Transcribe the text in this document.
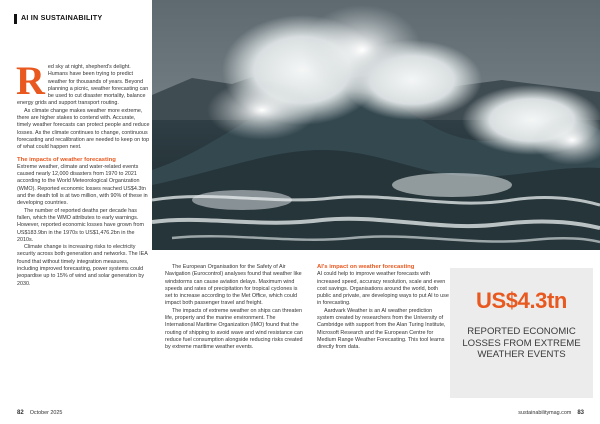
AI IN SUSTAINABILITY
R ed sky at night, shepherd's delight. Humans have been trying to predict weather for thousands of years. Beyond planning a picnic, weather forecasting can be used to cut disaster mortality, balance energy grids and support transport routing.

As climate change makes weather more extreme, there are higher stakes to contend with. Accurate, timely weather forecasts can protect people and reduce losses. As the climate continues to change, continuous forecasting and recalibration are needed to keep on top of what could happen next.

The impacts of weather forecasting

Extreme weather, climate and water-related events caused nearly 12,000 disasters from 1970 to 2021 according to the World Meteorological Organization (WMO). Reported economic losses reached US$4.3tn and the death toll is at two million, with 90% of these in developing countries.

The number of reported deaths per decade has fallen, which the WMO attributes to early warnings. However, reported economic losses have grown from US$183.9bn in the 1970s to US$1,476.2bn in the 2010s.

Climate change is increasing risks to electricity security across both generation and networks. The IEA found that without timely integration measures, including improved forecasting, power systems could jeopardise up to 15% of wind and solar generation by 2030.

The European Organisation for the Safety of Air Navigation (Eurocontrol) analyses found that weather like windstorms can cause aviation delays. Maximum wind speeds and rates of precipitation for tropical cyclones is set to increase according to the Met Office, which could impact both passenger travel and freight.

The impacts of extreme weather on ships can threaten life, property and the marine environment. The International Maritime Organization (IMO) found that the routing of shipping to avoid wave and wind resistance can reduce fuel consumption alongside reducing risks created by extreme maritime weather events.

AI's impact on weather forecasting

AI could help to improve weather forecasts with increased speed, accuracy resolution, scale and even cost savings. Organisations around the world, both public and private, are developing ways to put AI to use in forecasting.

Aardvark Weather is an AI weather prediction system created by researchers from the University of Cambridge with support from the Alan Turing Institute, Microsoft Research and the European Centre for Medium Range Weather Forecasting. This tool learns directly from data.

US$4.3tn
REPORTED ECONOMIC LOSSES FROM EXTREME WEATHER EVENTS
82 October 2025	sustainabilitymag.com 83
